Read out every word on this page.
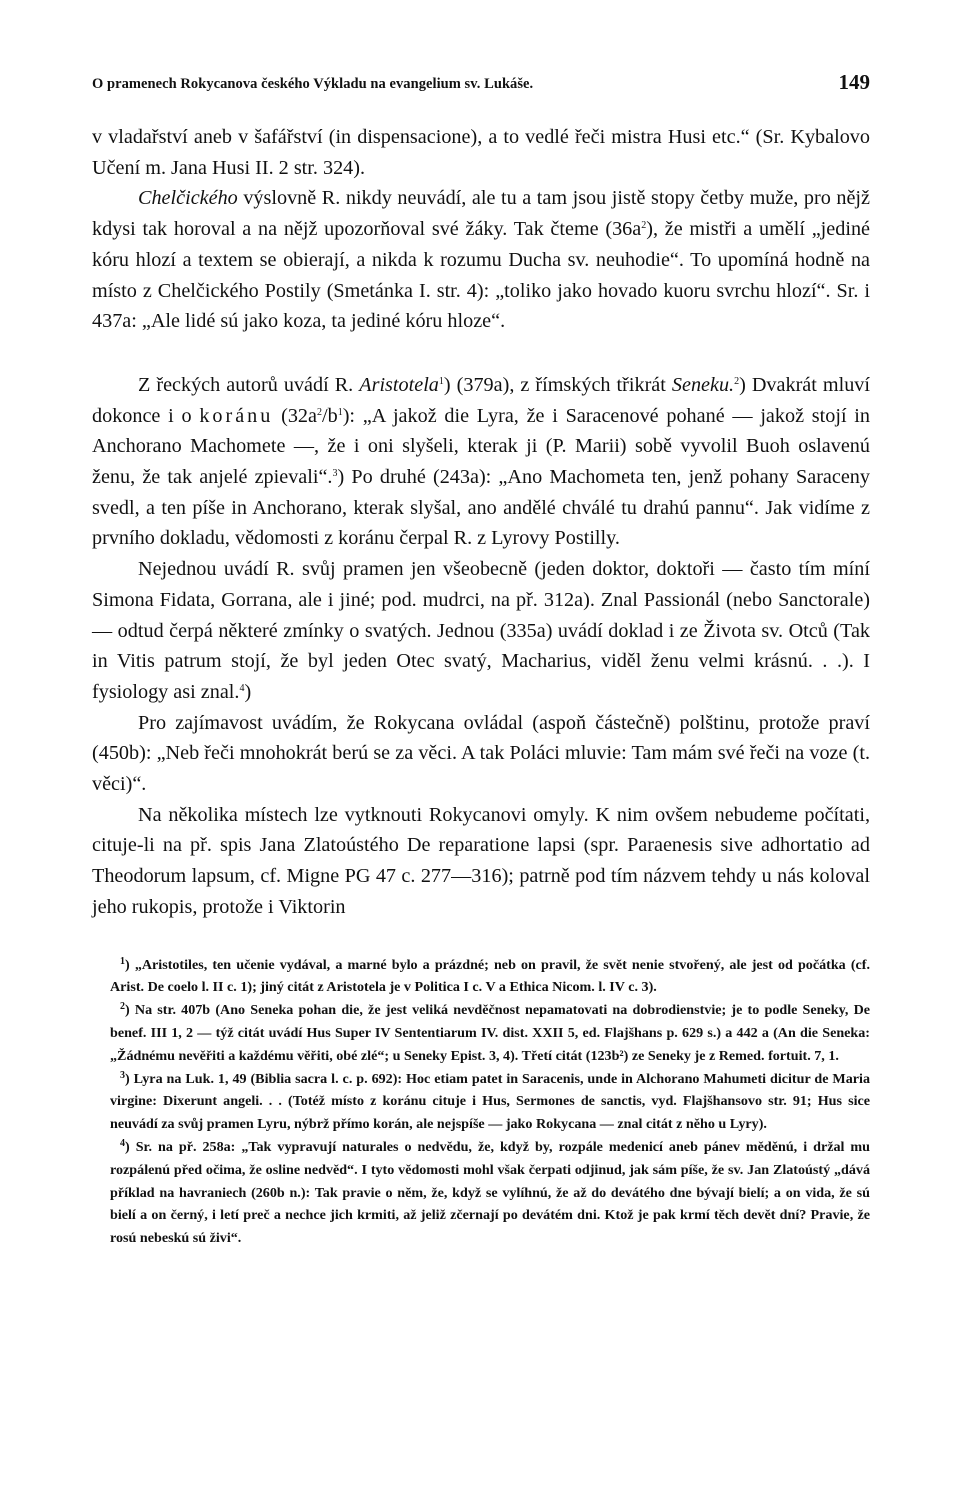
O pramenech Rokycanova českého Výkladu na evangelium sv. Lukáše.	149

v vladařství aneb v šafářství (in dispensacione), a to vedlé řeči mistra Husi etc.“ (Sr. Kybalovo Učení m. Jana Husi II. 2 str. 324).

Chelčického výslovně R. nikdy neuvádí, ale tu a tam jsou jistě stopy četby muže, pro nějž kdysi tak horoval a na nějž upozorňoval své žáky. Tak čteme $(36a^2)$, že mistři a umělí „jediné kóru hlozí a textem se obierají, a nikda k rozumu Ducha sv. neuhodie“. To upomíná hodně na místo z Chelčického Postily (Smetánka I. str. 4): „toliko jako hovado kuoru svrchu hlozí“. Sr. i 437a: „Ale lidé sú jako koza, ta jediné kóru hloze“.

Z řeckých autorů uvádí R. Aristotela$^1$) (379a), z římských třikrát Seneku.$^2$) Dvakrát mluví dokonce i o koránu $(32a^2/b^1)$: „A jakož die Lyra, že i Saracenové pohané — jakož stojí in Anchorano Machomete —, že i oni slyšeli, kterak ji (P. Marii) sobě vyvolil Buoh oslavenú ženu, že tak anjelé zpievali“.$^3$) Po druhé (243a): „Ano Machometa ten, jenž pohany Saraceny svedl, a ten píše in Anchorano, kterak slyšal, ano andělé chválé tu drahú pannu“. Jak vidíme z prvního dokladu, vědomosti z koránu čerpal R. z Lyrovy Postilly.

Nejednou uvádí R. svůj pramen jen všeobecně (jeden doktor, doktoři — často tím míní Simona Fidata, Gorrana, ale i jiné; pod. mudrci, na př. 312a). Znal Passionál (nebo Sanctorale) — odtud čerpá některé zmínky o svatých. Jednou (335a) uvádí doklad i ze Života sv. Otců (Tak in Vitis patrum stojí, že byl jeden Otec svatý, Macharius, viděl ženu velmi krásnú. . .). I fysiology asi znal.$^4$)

Pro zajímavost uvádím, že Rokycana ovládal (aspoň částečně) polštinu, protože praví (450b): „Neb řeči mnohokrát berú se za věci. A tak Poláci mluvie: Tam mám své řeči na voze (t. věci)“.

Na několika místech lze vytknouti Rokycanovi omyly. K nim ovšem nebudeme počítati, cituje-li na př. spis Jana Zlatoústého De reparatione lapsi (spr. Paraenesis sive adhortatio ad Theodorum lapsum, cf. Migne PG 47 c. 277—316); patrně pod tím názvem tehdy u nás koloval jeho rukopis, protože i Viktorin

$^1$) „Aristotiles, ten učenie vydával, a marné bylo a prázdné; neb on pravil, že svět nenie stvořený, ale jest od počátka (cf. Arist. De coelo l. II c. 1); jiný citát z Aristotela je v Politica I c. V a Ethica Nicom. l. IV c. 3).

$^2$) Na str. 407b (Ano Seneka pohan die, že jest veliká nevděčnost nepamatovati na dobrodienstvie; je to podle Seneky, De benef. III 1, 2 — týž citát uvádí Hus Super IV Sententiarum IV. dist. XXII 5, ed. Flajšhans p. 629 s.) a 442 a (An die Seneka: „Žádnému nevěřiti a každému věřiti, obé zlé“; u Seneky Epist. 3, 4). Třetí citát (123b²) ze Seneky je z Remed. fortuit. 7, 1.

$^3$) Lyra na Luk. 1, 49 (Biblia sacra l. c. p. 692): Hoc etiam patet in Saracenis, unde in Alchorano Mahumeti dicitur de Maria virgine: Dixerunt angeli. . . (Totéž místo z koránu cituje i Hus, Sermones de sanctis, vyd. Flajšhansovo str. 91; Hus sice neuvádí za svůj pramen Lyru, nýbrž přímo korán, ale nejspíše — jako Rokycana — znal citát z něho u Lyry).

$^4$) Sr. na př. 258a: „Tak vypravují naturales o nedvědu, že, když by, rozpále medenicí aneb pánev měděnú, i držal mu rozpálenú před očima, že osline nedvěd“. I tyto vědomosti mohl však čerpati odjinud, jak sám píše, že sv. Jan Zlatoústý „dává příklad na havraniech (260b n.): Tak pravie o něm, že, když se vylíhnú, že až do devátého dne bývají bielí; a on vida, že sú bielí a on černý, i letí preč a nechce jich krmiti, až jeliž zčernají po devátém dni. Ktož je pak krmí těch devět dní? Pravie, že rosú nebeskú sú živi“.
